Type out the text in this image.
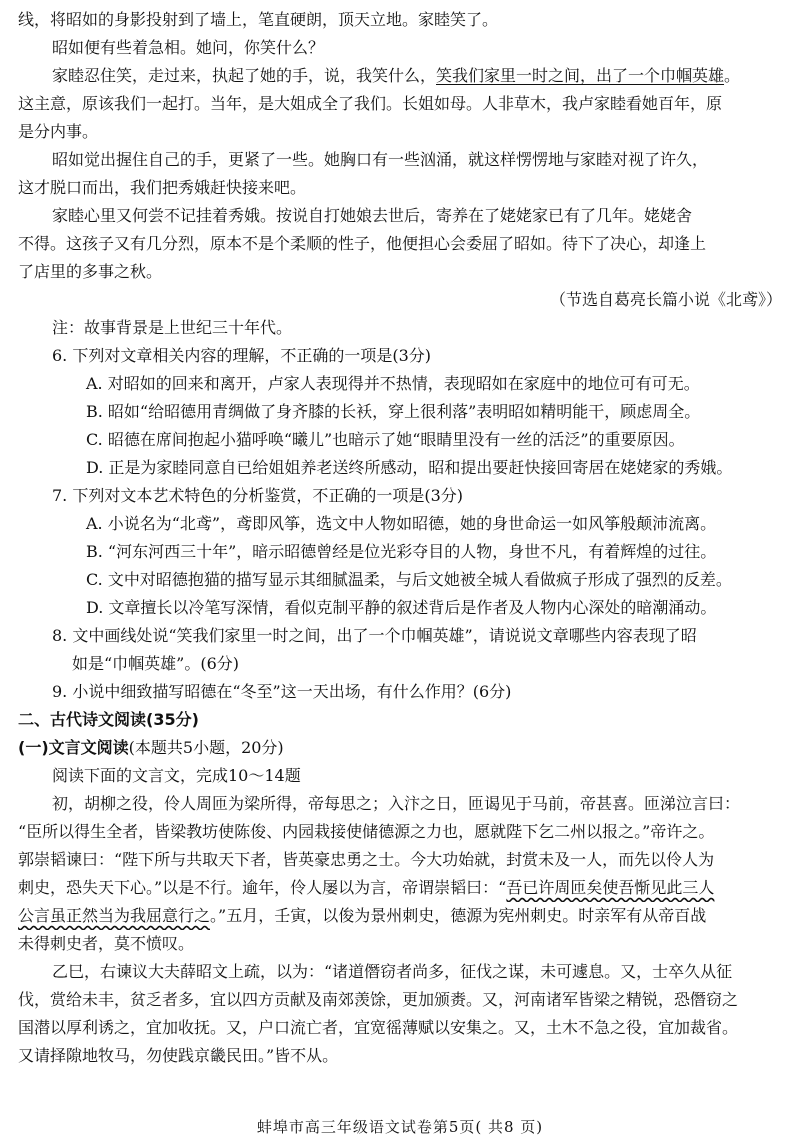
线，将昭如的身影投射到了墙上，笔直硬朗，顶天立地。家睦笑了。
昭如便有些着急相。她问，你笑什么？
家睦忍住笑，走过来，执起了她的手，说，我笑什么，笑我们家里一时之间，出了一个巾帼英雄。
这主意，原该我们一起打。当年，是大姐成全了我们。长姐如母。人非草木，我卢家睦看她百年，原
是分内事。
昭如觉出握住自己的手，更紧了一些。她胸口有一些汹涌，就这样愣愣地与家睦对视了许久，
这才脱口而出，我们把秀娥赶快接来吧。
家睦心里又何尝不记挂着秀娥。按说自打她娘去世后，寄养在了姥姥家已有了几年。姥姥舍
不得。这孩子又有几分烈，原本不是个柔顺的性子，他便担心会委屈了昭如。待下了决心，却逢上
了店里的多事之秋。
（节选自葛亮长篇小说《北鸢》）
注：故事背景是上世纪三十年代。
6. 下列对文章相关内容的理解，不正确的一项是(3分)
A. 对昭如的回来和离开，卢家人表现得并不热情，表现昭如在家庭中的地位可有可无。
B. 昭如“给昭德用青绸做了身齐膝的长袄，穿上很利落”表明昭如精明能干，顾虑周全。
C. 昭德在席间抱起小猫呼唤“曦儿”也暗示了她“眼睛里没有一丝的活泛”的重要原因。
D. 正是为家睦同意自已给姐姐养老送终所感动，昭和提出要赶快接回寄居在姥姥家的秀娥。
7. 下列对文本艺术特色的分析鉴赏，不正确的一项是(3分)
A. 小说名为“北鸢”，鸢即风筝，选文中人物如昭德，她的身世命运一如风筝般颠沛流离。
B. “河东河西三十年”，暗示昭德曾经是位光彩夺目的人物，身世不凡，有着辉煌的过往。
C. 文中对昭德抱猫的描写显示其细腻温柔，与后文她被全城人看做疯子形成了强烈的反差。
D. 文章擅长以冷笔写深情，看似克制平静的叙述背后是作者及人物内心深处的暗潮涌动。
8. 文中画线处说“笑我们家里一时之间，出了一个巾帼英雄”，请说说文章哪些内容表现了昭
如是“巾帼英雄”。(6分)
9. 小说中细致描写昭德在“冬至”这一天出场，有什么作用？(6分)
二、古代诗文阅读(35分)
(一)文言文阅读(本题共5小题，20分)
阅读下面的文言文，完成10～14题
初，胡柳之役，伶人周匝为梁所得，帝每思之；入汴之日，匝谒见于马前，帝甚喜。匝涕泣言曰：
“臣所以得生全者，皆梁教坊使陈俊、内园栽接使储德源之力也，愿就陛下乞二州以报之。”帝许之。
郭崇韬谏曰：“陛下所与共取天下者，皆英豪忠勇之士。今大功始就，封赏未及一人，而先以伶人为
刺史，恐失天下心。”以是不行。逾年，伶人屡以为言，帝谓崇韬曰：“吾已许周匝矣使吾惭见此三人
公言虽正然当为我屈意行之。”五月，壬寅，以俊为景州刺史，德源为宪州刺史。时亲军有从帝百战
未得刺史者，莫不愤叹。
乙巳，右谏议大夫薛昭文上疏，以为：“诸道僭窃者尚多，征伐之谋，未可遽息。又，士卒久从征
伐，赏给未丰，贫乏者多，宜以四方贡献及南郊羡馀，更加颁赉。又，河南诸军皆梁之精锐，恐僭窃之
国潜以厚利诱之，宜加收抚。又，户口流亡者，宜宽徭薄赋以安集之。又，土木不急之役，宜加裁省。
又请择隙地牧马，勿使践京畿民田。”皆不从。
蚌埠市高三年级语文试卷第5页( 共8 页)
